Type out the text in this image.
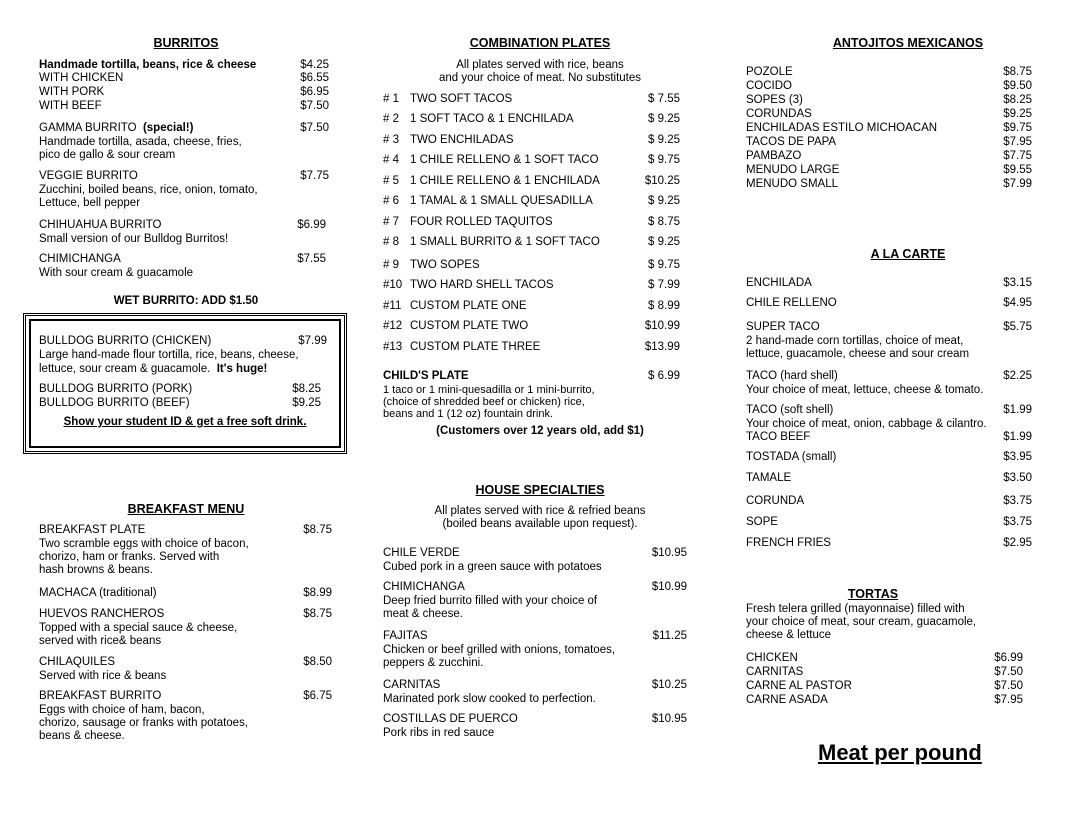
BURRITOS
Handmade tortilla, beans, rice & cheese	$4.25
WITH CHICKEN	$6.55
WITH PORK	$6.95
WITH BEEF	$7.50
GAMMA BURRITO (special!)	$7.50
Handmade tortilla, asada, cheese, fries,
pico de gallo & sour cream
VEGGIE BURRITO	$7.75
Zucchini, boiled beans, rice, onion, tomato,
Lettuce, bell pepper
CHIHUAHUA BURRITO	$6.99
Small version of our Bulldog Burritos!
CHIMICHANGA	$7.55
With sour cream & guacamole
WET BURRITO: ADD $1.50
BULLDOG BURRITO (CHICKEN)	$7.99
Large hand-made flour tortilla, rice, beans, cheese,
lettuce, sour cream & guacamole. It's huge!
BULLDOG BURRITO (PORK)	$8.25
BULLDOG BURRITO (BEEF)	$9.25
Show your student ID & get a free soft drink.
BREAKFAST MENU
BREAKFAST PLATE	$8.75
Two scramble eggs with choice of bacon,
chorizo, ham or franks. Served with
hash browns & beans.
MACHACA (traditional)	$8.99
HUEVOS RANCHEROS	$8.75
Topped with a special sauce & cheese,
served with rice& beans
CHILAQUILES	$8.50
Served with rice & beans
BREAKFAST BURRITO	$6.75
Eggs with choice of ham, bacon,
chorizo, sausage or franks with potatoes,
beans & cheese.
COMBINATION PLATES
All plates served with rice, beans
and your choice of meat. No substitutes
# 1 TWO SOFT TACOS	$ 7.55
# 2 1 SOFT TACO & 1 ENCHILADA	$ 9.25
# 3 TWO ENCHILADAS	$ 9.25
# 4 1 CHILE RELLENO & 1 SOFT TACO	$ 9.75
# 5 1 CHILE RELLENO & 1 ENCHILADA	$10.25
# 6 1 TAMAL & 1 SMALL QUESADILLA	$ 9.25
# 7 FOUR ROLLED TAQUITOS	$ 8.75
# 8 1 SMALL BURRITO & 1 SOFT TACO	$ 9.25
# 9 TWO SOPES	$ 9.75
#10 TWO HARD SHELL TACOS	$ 7.99
#11 CUSTOM PLATE ONE	$ 8.99
#12 CUSTOM PLATE TWO	$10.99
#13 CUSTOM PLATE THREE	$13.99
CHILD'S PLATE	$ 6.99
1 taco or 1 mini-quesadilla or 1 mini-burrito,
(choice of shredded beef or chicken) rice,
beans and 1 (12 oz) fountain drink.
(Customers over 12 years old, add $1)
HOUSE SPECIALTIES
All plates served with rice & refried beans
(boiled beans available upon request).
CHILE VERDE	$10.95
Cubed pork in a green sauce with potatoes
CHIMICHANGA	$10.99
Deep fried burrito filled with your choice of
meat & cheese.
FAJITAS	$11.25
Chicken or beef grilled with onions, tomatoes,
peppers & zucchini.
CARNITAS	$10.25
Marinated pork slow cooked to perfection.
COSTILLAS DE PUERCO	$10.95
Pork ribs in red sauce
ANTOJITOS MEXICANOS
POZOLE	$8.75
COCIDO	$9.50
SOPES (3)	$8.25
CORUNDAS	$9.25
ENCHILADAS ESTILO MICHOACAN	$9.75
TACOS DE PAPA	$7.95
PAMBAZO	$7.75
MENUDO LARGE	$9.55
MENUDO SMALL	$7.99
A LA CARTE
ENCHILADA	$3.15
CHILE RELLENO	$4.95
SUPER TACO	$5.75
2 hand-made corn tortillas, choice of meat,
lettuce, guacamole, cheese and sour cream
TACO (hard shell)	$2.25
Your choice of meat, lettuce, cheese & tomato.
TACO (soft shell)	$1.99
Your choice of meat, onion, cabbage & cilantro.
TACO BEEF	$1.99
TOSTADA (small)	$3.95
TAMALE	$3.50
CORUNDA	$3.75
SOPE	$3.75
FRENCH FRIES	$2.95
TORTAS
Fresh telera grilled (mayonnaise) filled with
your choice of meat, sour cream, guacamole,
cheese & lettuce
CHICKEN	$6.99
CARNITAS	$7.50
CARNE AL PASTOR	$7.50
CARNE ASADA	$7.95
Meat per pound
